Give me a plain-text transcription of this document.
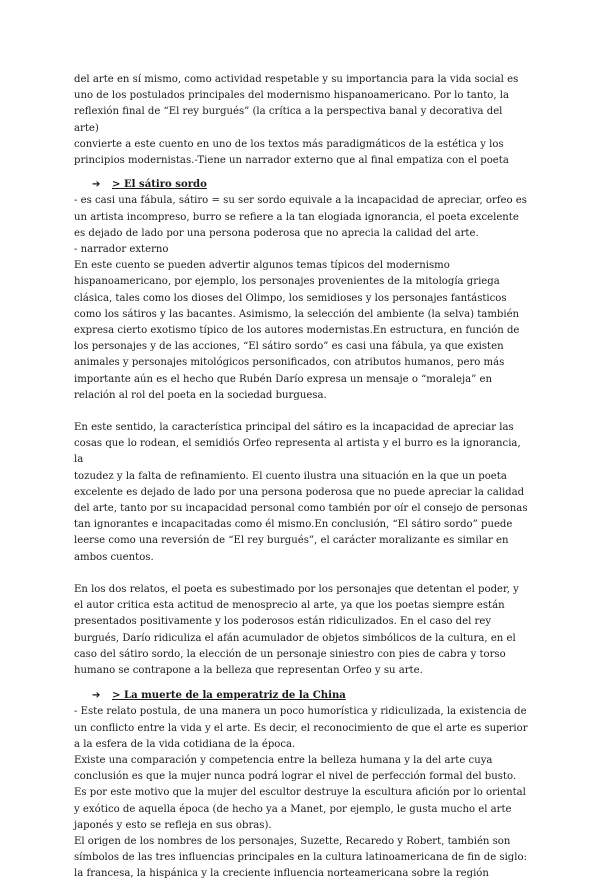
del arte en sí mismo, como actividad respetable y su importancia para la vida social es
uno de los postulados principales del modernismo hispanoamericano. Por lo tanto, la
reflexión final de “El rey burgués” (la crítica a la perspectiva banal y decorativa del arte)
convierte a este cuento en uno de los textos más paradigmáticos de la estética y los
principios modernistas.-Tiene un narrador externo que al final empatiza con el poeta
➔	> El sátiro sordo
- es casi una fábula, sátiro = su ser sordo equivale a la incapacidad de apreciar, orfeo es
un artista incompreso, burro se refiere a la tan elogiada ignorancia, el poeta excelente
es dejado de lado por una persona poderosa que no aprecia la calidad del arte.
- narrador externo
En este cuento se pueden advertir algunos temas típicos del modernismo
hispanoamericano, por ejemplo, los personajes provenientes de la mitología griega
clásica, tales como los dioses del Olimpo, los semidioses y los personajes fantásticos
como los sátiros y las bacantes. Asimismo, la selección del ambiente (la selva) también
expresa cierto exotismo típico de los autores modernistas.En estructura, en función de
los personajes y de las acciones, “El sátiro sordo” es casi una fábula, ya que existen
animales y personajes mitológicos personificados, con atributos humanos, pero más
importante aún es el hecho que Rubén Darío expresa un mensaje o “moraleja” en
relación al rol del poeta en la sociedad burguesa.
En este sentido, la característica principal del sátiro es la incapacidad de apreciar las
cosas que lo rodean, el semidiós Orfeo representa al artista y el burro es la ignorancia, la
tozudez y la falta de refinamiento. El cuento ilustra una situación en la que un poeta
excelente es dejado de lado por una persona poderosa que no puede apreciar la calidad
del arte, tanto por su incapacidad personal como también por oír el consejo de personas
tan ignorantes e incapacitadas como él mismo.En conclusión, “El sátiro sordo” puede
leerse como una reversión de “El rey burgués”, el carácter moralizante es similar en
ambos cuentos.
En los dos relatos, el poeta es subestimado por los personajes que detentan el poder, y
el autor critica esta actitud de menosprecio al arte, ya que los poetas siempre están
presentados positivamente y los poderosos están ridiculizados. En el caso del rey
burgués, Darío ridiculiza el afán acumulador de objetos simbólicos de la cultura, en el
caso del sátiro sordo, la elección de un personaje siniestro con pies de cabra y torso
humano se contrapone a la belleza que representan Orfeo y su arte.
➔	> La muerte de la emperatriz de la China
- Este relato postula, de una manera un poco humorística y ridiculizada, la existencia de
un conflicto entre la vida y el arte. Es decir, el reconocimiento de que el arte es superior
a la esfera de la vida cotidiana de la época.
Existe una comparación y competencia entre la belleza humana y la del arte cuya
conclusión es que la mujer nunca podrá lograr el nivel de perfección formal del busto.
Es por este motivo que la mujer del escultor destruye la escultura afición por lo oriental
y exótico de aquella época (de hecho ya a Manet, por ejemplo, le gusta mucho el arte
japonés y esto se refleja en sus obras).
El origen de los nombres de los personajes, Suzette, Recaredo y Robert, también son
símbolos de las tres influencias principales en la cultura latinoamericana de fin de siglo:
la francesa, la hispánica y la creciente influencia norteamericana sobre la región
